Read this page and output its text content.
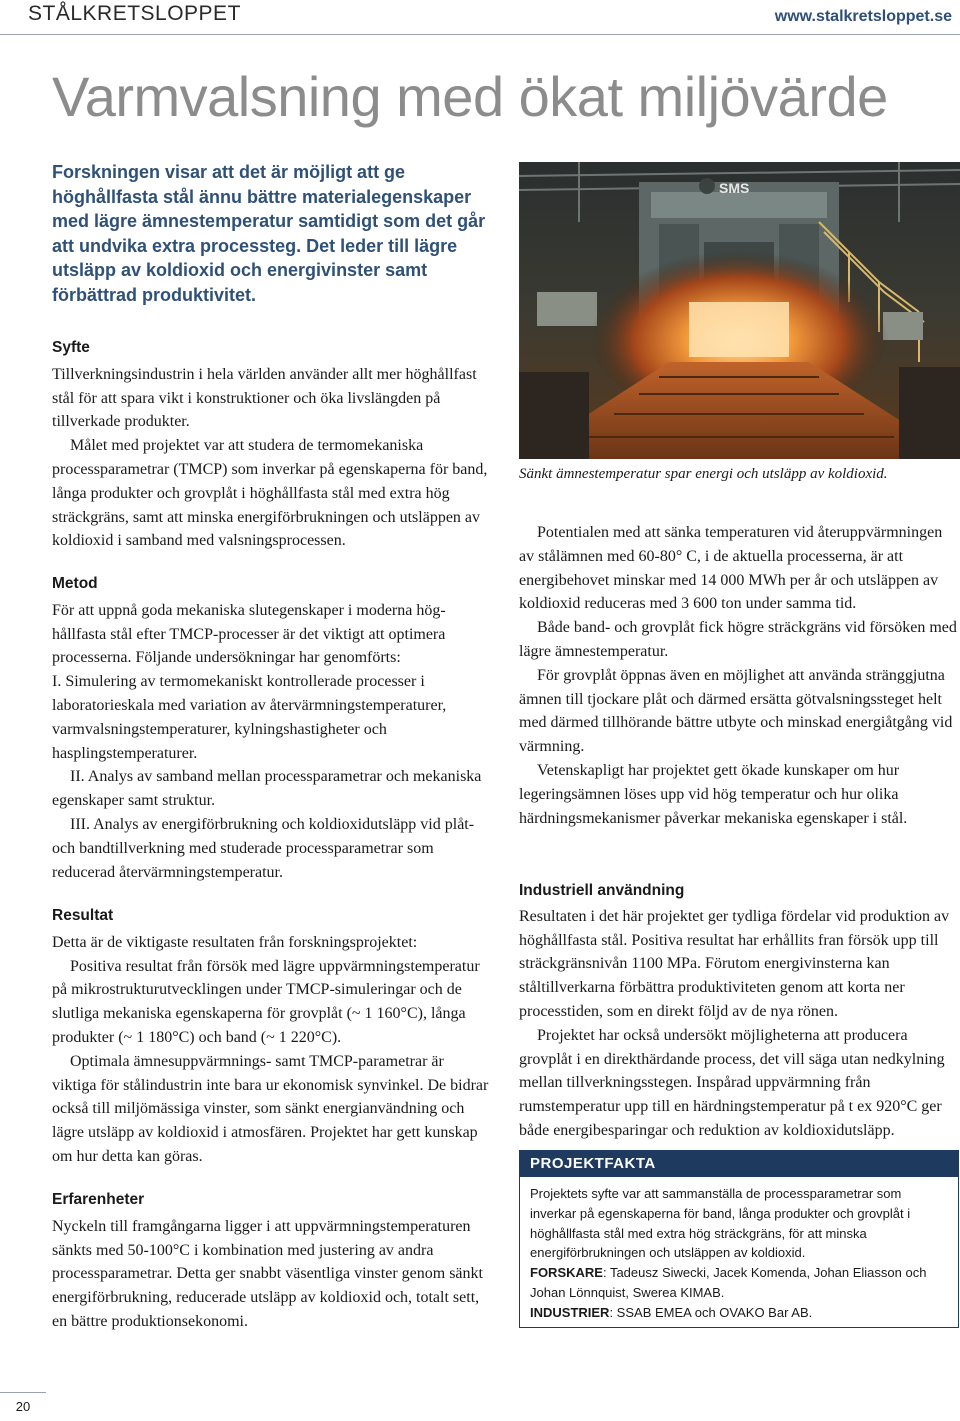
STÅLKRETSLOPPET	www.stalkretsloppet.se
Varmvalsning med ökat miljövärde

Forskningen visar att det är möjligt att ge höghållfasta stål ännu bättre materialegenskaper med lägre ämnestemperatur samtidigt som det går att undvika extra processteg. Det leder till lägre utsläpp av koldioxid och energivinster samt förbättrad produktivitet.

Syfte

Tillverkningsindustrin i hela världen använder allt mer höghållfast stål för att spara vikt i konstruktioner och öka livslängden på tillverkade produkter.

Målet med projektet var att studera de termomekaniska processparametrar (TMCP) som inverkar på egenskaperna för band, långa produkter och grovplåt i höghållfasta stål med extra hög sträckgräns, samt att minska energiförbrukningen och utsläppen av koldioxid i samband med valsningsprocessen.

Metod

För att uppnå goda mekaniska slutegenskaper i moderna höghållfasta stål efter TMCP-processer är det viktigt att optimera processerna. Följande undersökningar har genomförts:

I. Simulering av termomekaniskt kontrollerade processer i laboratorieskala med variation av återvärmningstemperaturer, varmvalsningstemperaturer, kylningshastigheter och hasplingstemperaturer.

II. Analys av samband mellan processparametrar och mekaniska egenskaper samt struktur.

III. Analys av energiförbrukning och koldioxidutsläpp vid plåt- och bandtillverkning med studerade processparametrar som reducerad återvärmningstemperatur.

Resultat

Detta är de viktigaste resultaten från forskningsprojektet:

Positiva resultat från försök med lägre uppvärmningstemperatur på mikrostrukturutvecklingen under TMCP-simuleringar och de slutliga mekaniska egenskaperna för grovplåt (~ 1 160°C), långa produkter (~ 1 180°C) och band (~ 1 220°C).

Optimala ämnesuppvärmnings- samt TMCP-parametrar är viktiga för stålindustrin inte bara ur ekonomisk synvinkel. De bidrar också till miljömässiga vinster, som sänkt energianvändning och lägre utsläpp av koldioxid i atmosfären. Projektet har gett kunskap om hur detta kan göras.

Erfarenheter

Nyckeln till framgångarna ligger i att uppvärmningstemperaturen sänkts med 50-100°C i kombination med justering av andra processparametrar. Detta ger snabbt väsentliga vinster genom sänkt energiförbrukning, reducerade utsläpp av koldioxid och, totalt sett, en bättre produktionsekonomi.

SMS
Sänkt ämnestemperatur spar energi och utsläpp av koldioxid.

Potentialen med att sänka temperaturen vid återuppvärmningen av stålämnen med 60-80° C, i de aktuella processerna, är att energibehovet minskar med 14 000 MWh per år och utsläppen av koldioxid reduceras med 3 600 ton under samma tid.

Både band- och grovplåt fick högre sträckgräns vid försöken med lägre ämnestemperatur.

För grovplåt öppnas även en möjlighet att använda stränggjutna ämnen till tjockare plåt och därmed ersätta götvalsningssteget helt med därmed tillhörande bättre utbyte och minskad energiåtgång vid värmning.

Vetenskapligt har projektet gett ökade kunskaper om hur legeringsämnen löses upp vid hög temperatur och hur olika härdningsmekanismer påverkar mekaniska egenskaper i stål.

Industriell användning

Resultaten i det här projektet ger tydliga fördelar vid produktion av höghållfasta stål. Positiva resultat har erhållits fran försök upp till sträckgränsnivån 1100 MPa. Förutom energivinsterna kan ståltillverkarna förbättra produktiviteten genom att korta ner processtiden, som en direkt följd av de nya rönen.

Projektet har också undersökt möjligheterna att producera grovplåt i en direkthärdande process, det vill säga utan nedkylning mellan tillverkningsstegen. Inspårad uppvärmning från rumstemperatur upp till en härdningstemperatur på t ex 920°C ger både energibesparingar och reduktion av koldioxidutsläpp.

PROJEKTFAKTA

Projektets syfte var att sammanställa de processparametrar som inverkar på egenskaperna för band, långa produkter och grovplåt i höghållfasta stål med extra hög sträckgräns, för att minska energiförbrukningen och utsläppen av koldioxid.

FORSKARE: Tadeusz Siwecki, Jacek Komenda, Johan Eliasson och Johan Lönnquist, Swerea KIMAB.

INDUSTRIER: SSAB EMEA och OVAKO Bar AB.

20
